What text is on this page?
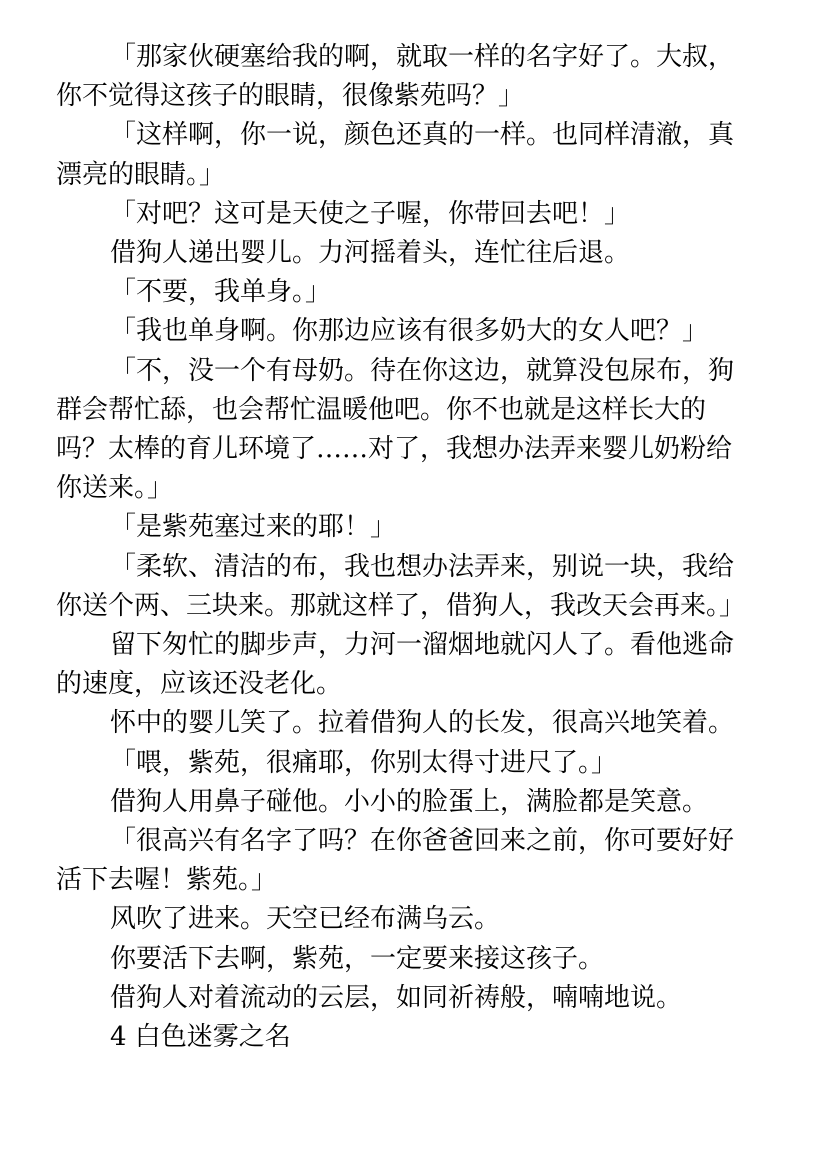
「那家伙硬塞给我的啊，就取一样的名字好了。大叔，你不觉得这孩子的眼睛，很像紫苑吗？」

「这样啊，你一说，颜色还真的一样。也同样清澈，真漂亮的眼睛。」

「对吧？这可是天使之子喔，你带回去吧！」

借狗人递出婴儿。力河摇着头，连忙往后退。

「不要，我单身。」

「我也单身啊。你那边应该有很多奶大的女人吧？」

「不，没一个有母奶。待在你这边，就算没包尿布，狗群会帮忙舔，也会帮忙温暖他吧。你不也就是这样长大的吗？太棒的育儿环境了……对了，我想办法弄来婴儿奶粉给你送来。」

「是紫苑塞过来的耶！」

「柔软、清洁的布，我也想办法弄来，别说一块，我给你送个两、三块来。那就这样了，借狗人，我改天会再来。」

留下匆忙的脚步声，力河一溜烟地就闪人了。看他逃命的速度，应该还没老化。

怀中的婴儿笑了。拉着借狗人的长发，很高兴地笑着。

「喂，紫苑，很痛耶，你别太得寸进尺了。」

借狗人用鼻子碰他。小小的脸蛋上，满脸都是笑意。

「很高兴有名字了吗？在你爸爸回来之前，你可要好好活下去喔！紫苑。」

风吹了进来。天空已经布满乌云。

你要活下去啊，紫苑，一定要来接这孩子。

借狗人对着流动的云层，如同祈祷般，喃喃地说。

4 白色迷雾之名
